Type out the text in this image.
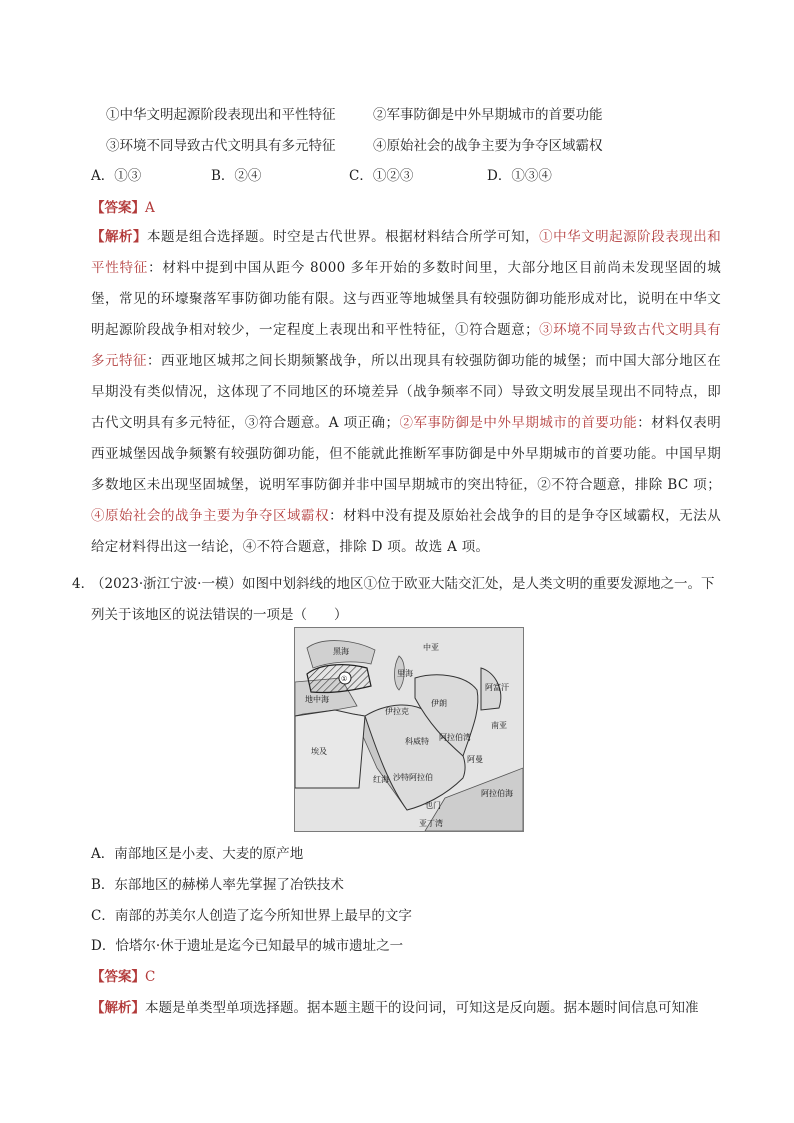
①中华文明起源阶段表现出和平性特征	②军事防御是中外早期城市的首要功能
③环境不同导致古代文明具有多元特征	④原始社会的战争主要为争夺区域霸权
A．①③	B．②④	C．①②③	D．①③④
【答案】A
【解析】本题是组合选择题。时空是古代世界。根据材料结合所学可知，①中华文明起源阶段表现出和平性特征：材料中提到中国从距今 8000 多年开始的多数时间里，大部分地区目前尚未发现坚固的城堡，常见的环壕聚落军事防御功能有限。这与西亚等地城堡具有较强防御功能形成对比，说明在中华文明起源阶段战争相对较少，一定程度上表现出和平性特征，①符合题意；③环境不同导致古代文明具有多元特征：西亚地区城邦之间长期频繁战争，所以出现具有较强防御功能的城堡；而中国大部分地区在早期没有类似情况，这体现了不同地区的环境差异（战争频率不同）导致文明发展呈现出不同特点，即古代文明具有多元特征，③符合题意。A 项正确；②军事防御是中外早期城市的首要功能：材料仅表明西亚城堡因战争频繁有较强防御功能，但不能就此推断军事防御是中外早期城市的首要功能。中国早期多数地区未出现坚固城堡，说明军事防御并非中国早期城市的突出特征，②不符合题意，排除 BC 项；④原始社会的战争主要为争夺区域霸权：材料中没有提及原始社会战争的目的是争夺区域霸权，无法从给定材料得出这一结论，④不符合题意，排除 D 项。故选 A 项。
4．
（2023·浙江宁波·一模）如图中划斜线的地区①位于欧亚大陆交汇处，是人类文明的重要发源地之一。下
列关于该地区的说法错误的一项是（　　）
黑海	中亚
里海
地中海
伊拉克
伊朗
阿富汗
南亚
科威特
埃及
沙特阿拉伯
阿曼
红海
也门
阿拉伯海
阿拉伯湾
亚丁湾
①
A．南部地区是小麦、大麦的原产地
B．东部地区的赫梯人率先掌握了冶铁技术
C．南部的苏美尔人创造了迄今所知世界上最早的文字
D．恰塔尔·休于遗址是迄今已知最早的城市遗址之一
【答案】C
【解析】本题是单类型单项选择题。据本题主题干的设问词，可知这是反向题。据本题时间信息可知准
